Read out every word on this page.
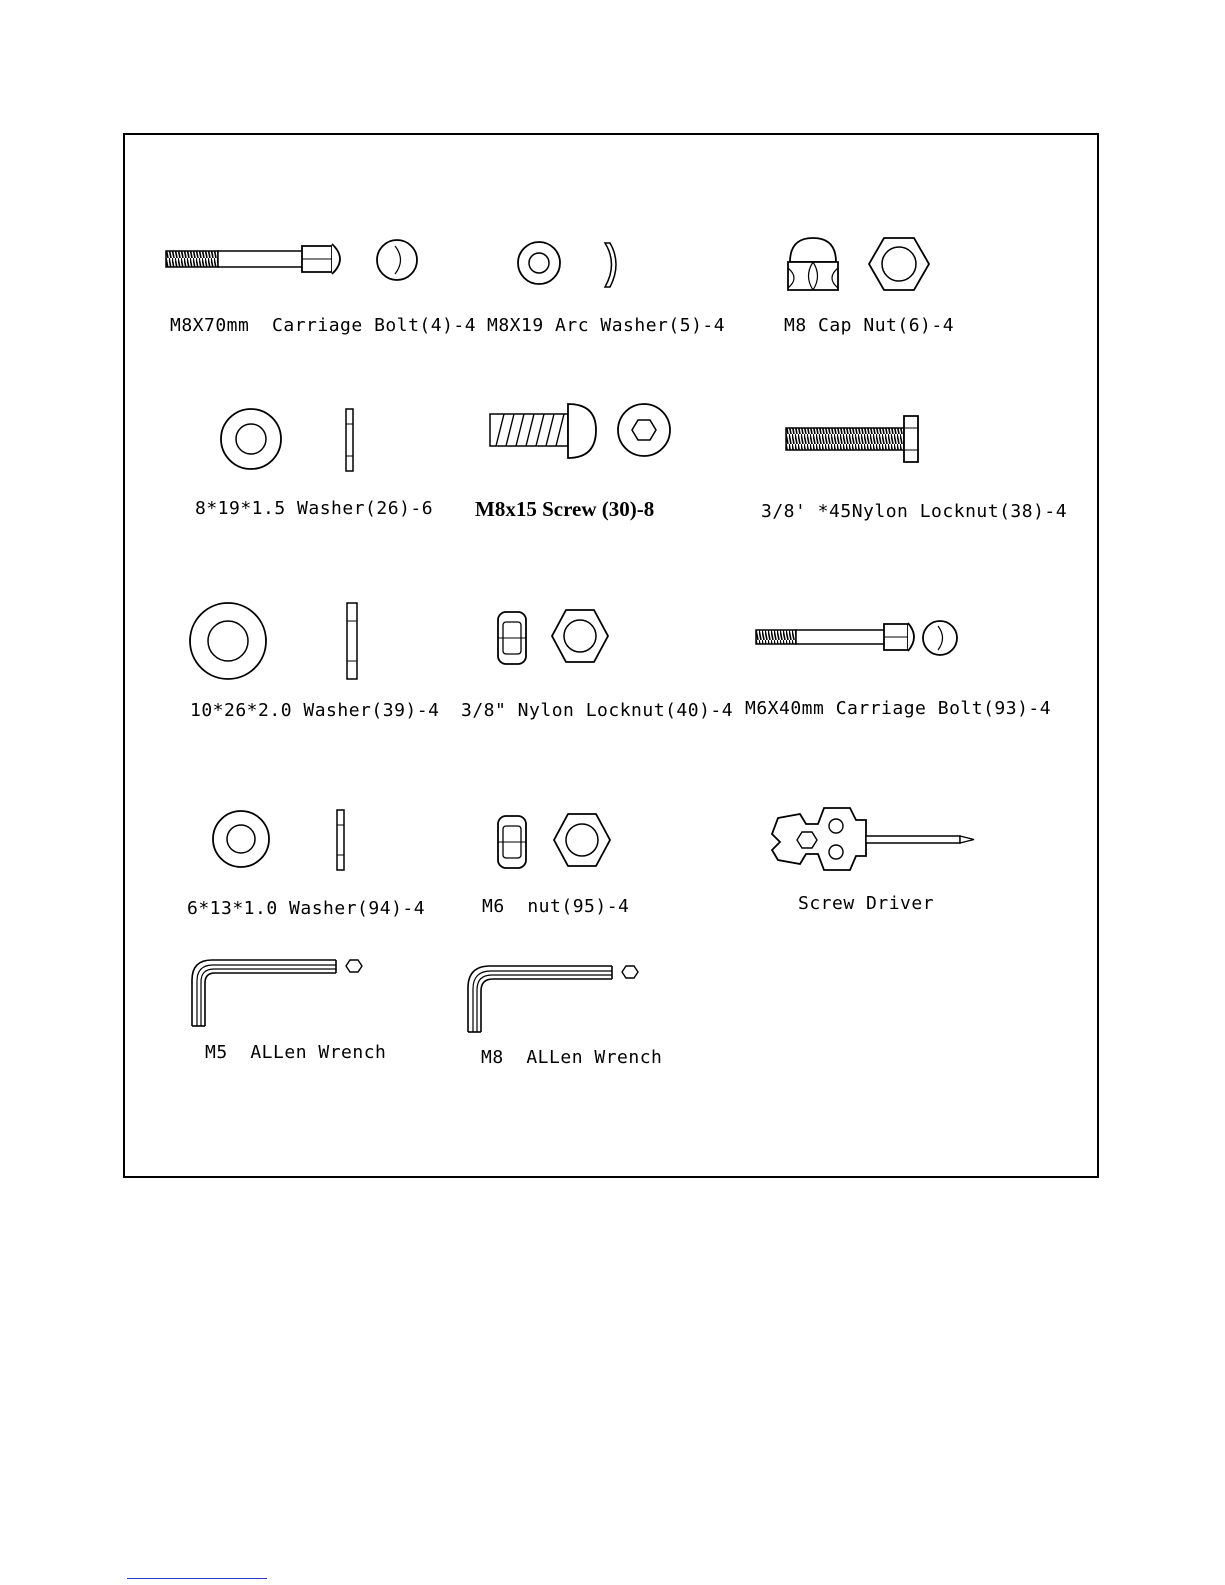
M8X70mm  Carriage Bolt(4)-4 M8X19 Arc Washer(5)-4	M8 Cap Nut(6)-4
8*19*1.5 Washer(26)-6 M8x15 Screw (30)-8	3/8' *45Nylon Locknut(38)-4
10*26*2.0 Washer(39)-4 3/8" Nylon Locknut(40)-4 M6X40mm Carriage Bolt(93)-4
6*13*1.0 Washer(94)-4	M6  nut(95)-4	Screw Driver
M5  ALLen Wrench	M8  ALLen Wrench
